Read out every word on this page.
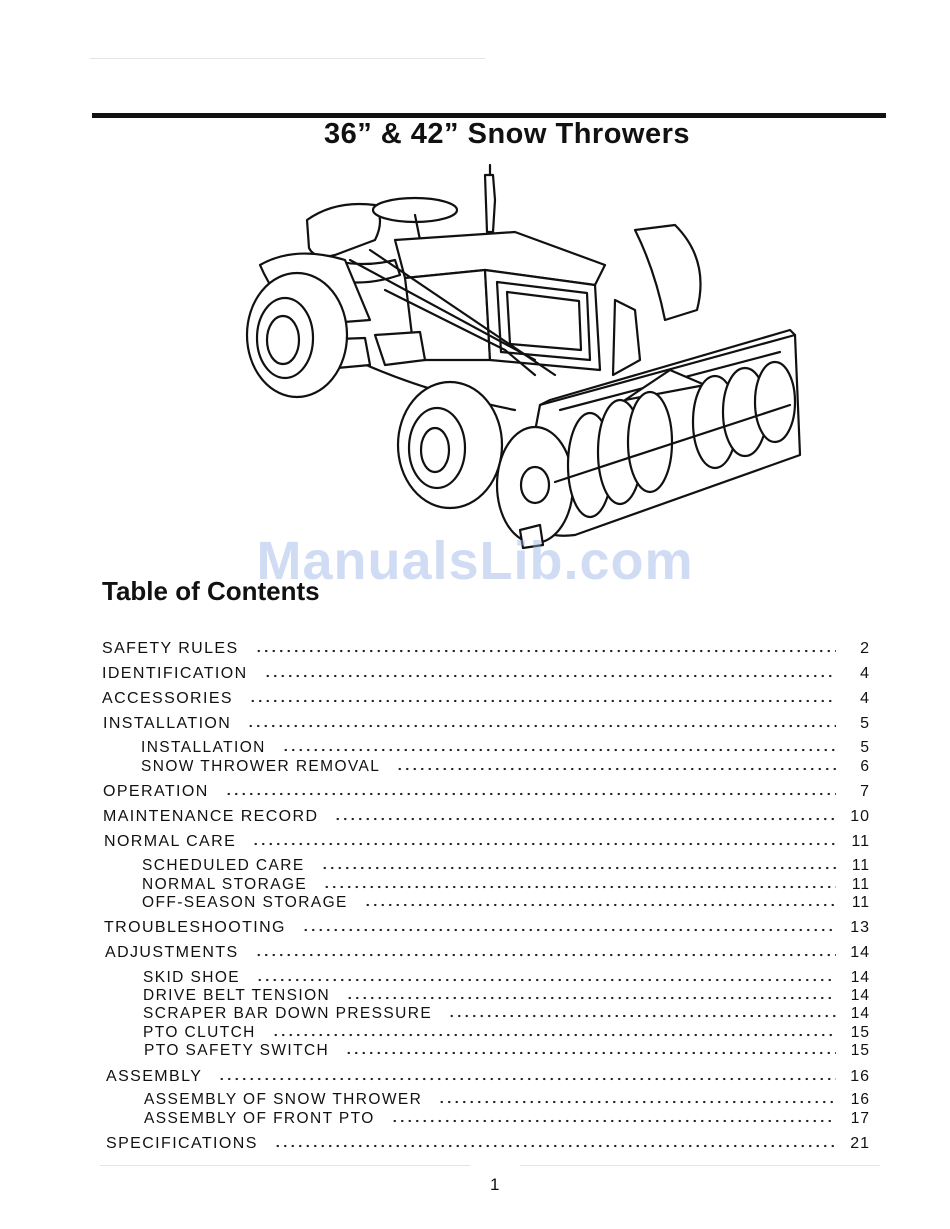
36” & 42” Snow Throwers
ManualsLib.com
Table of Contents
SAFETY RULES	2
IDENTIFICATION	4
ACCESSORIES	4
INSTALLATION	5
INSTALLATION	5
SNOW THROWER REMOVAL	6
OPERATION	7
MAINTENANCE RECORD	10
NORMAL CARE	11
SCHEDULED CARE	11
NORMAL STORAGE	11
OFF-SEASON STORAGE	11
TROUBLESHOOTING	13
ADJUSTMENTS	14
SKID SHOE	14
DRIVE BELT TENSION	14
SCRAPER BAR DOWN PRESSURE	14
PTO CLUTCH	15
PTO SAFETY SWITCH	15
ASSEMBLY	16
ASSEMBLY OF SNOW THROWER	16
ASSEMBLY OF FRONT PTO	17
SPECIFICATIONS	21
1
